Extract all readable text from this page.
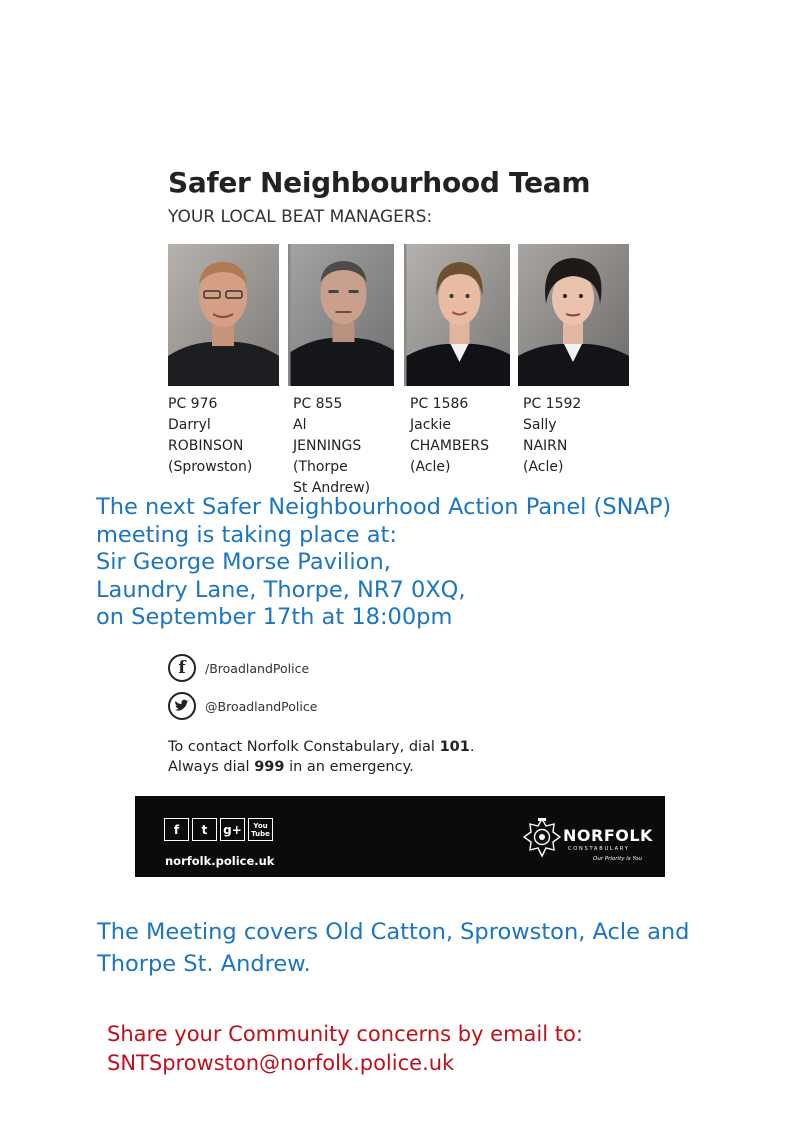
Safer Neighbourhood Team
YOUR LOCAL BEAT MANAGERS:
PC 976
Darryl
ROBINSON
(Sprowston)
PC 855
Al
JENNINGS
(Thorpe
St Andrew)
PC 1586
Jackie
CHAMBERS
(Acle)
PC 1592
Sally
NAIRN
(Acle)
The next Safer Neighbourhood Action Panel (SNAP)
meeting is taking place at:
Sir George Morse Pavilion,
Laundry Lane, Thorpe, NR7 0XQ,
on September 17th at 18:00pm
f	/BroadlandPolice
@BroadlandPolice
To contact Norfolk Constabulary, dial 101.
Always dial 999 in an emergency.
f	t	g+	You
Tube
norfolk.police.uk
NORFOLK
CONSTABULARY
Our Priority is You
The Meeting covers Old Catton, Sprowston, Acle and
Thorpe St. Andrew.
Share your Community concerns by email to:
SNTSprowston@norfolk.police.uk
